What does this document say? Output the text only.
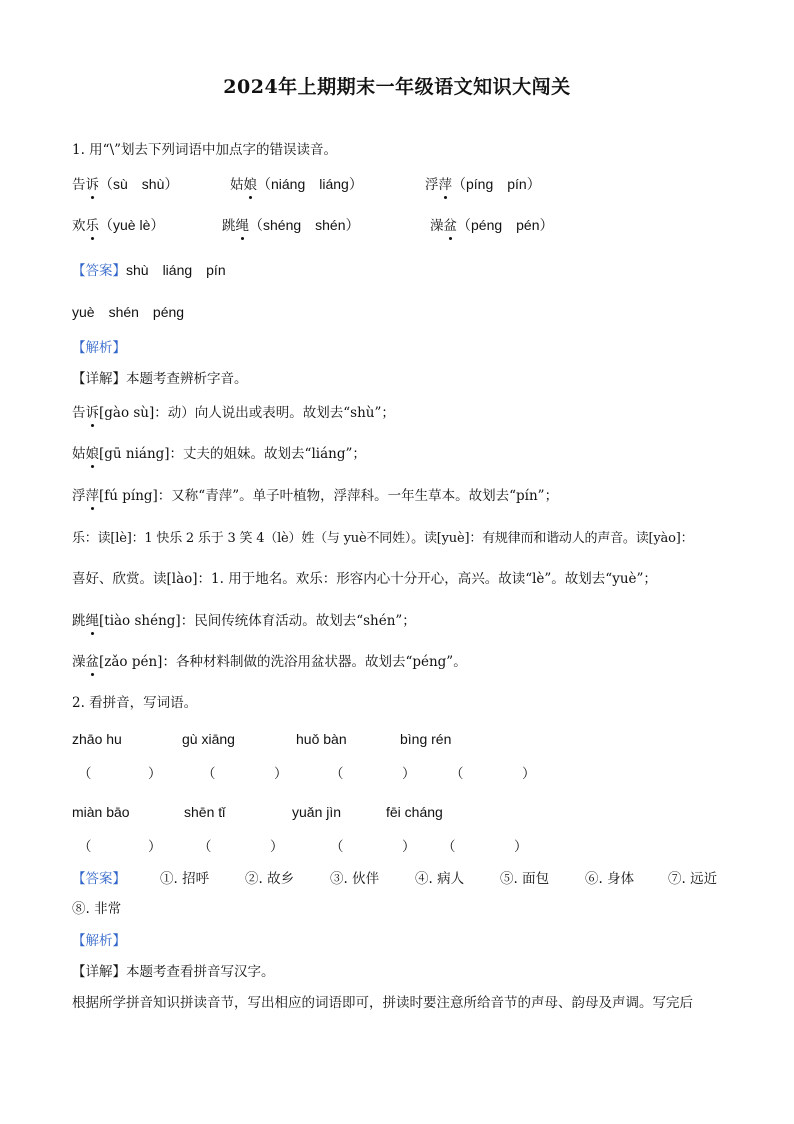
2024年上期期末一年级语文知识大闯关
1. 用“\”划去下列词语中加点字的错误读音。
告诉（sù　shù）	姑娘（niáng　liáng）	浮萍（píng　pín）
欢乐（yuè lè）	跳绳（shéng　shén）	澡盆（péng　pén）
【答案】shù　liáng　pín
yuè　shén　péng
【解析】
【详解】本题考查辨析字音。
告诉[gào sù]：动）向人说出或表明。故划去“shù”；
姑娘[gū niáng]：丈夫的姐妹。故划去“liáng”；
浮萍[fú píng]：又称“青萍”。单子叶植物，浮萍科。一年生草本。故划去“pín”；
乐：读[lè]：1 快乐 2 乐于 3 笑 4（lè）姓（与 yuè不同姓）。读[yuè]：有规律而和谐动人的声音。读[yào]：
喜好、欣赏。读[lào]：1. 用于地名。欢乐：形容内心十分开心，高兴。故读“lè”。故划去“yuè”；
跳绳[tiào shéng]：民间传统体育活动。故划去“shén”；
澡盆[zǎo pén]：各种材料制做的洗浴用盆状器。故划去“péng”。
2. 看拼音，写词语。
zhāo hu	gù xiāng	huǒ bàn	bìng rén
（	）	（	）	（	）	（	）
miàn bāo	shēn tǐ	yuǎn jìn	fēi cháng
（	）	（	）	（	） （	）
【答案】	①. 招呼	②. 故乡	③. 伙伴	④. 病人	⑤. 面包	⑥. 身体	⑦. 远近
⑧. 非常
【解析】
【详解】本题考查看拼音写汉字。
根据所学拼音知识拼读音节，写出相应的词语即可，拼读时要注意所给音节的声母、韵母及声调。写完后
